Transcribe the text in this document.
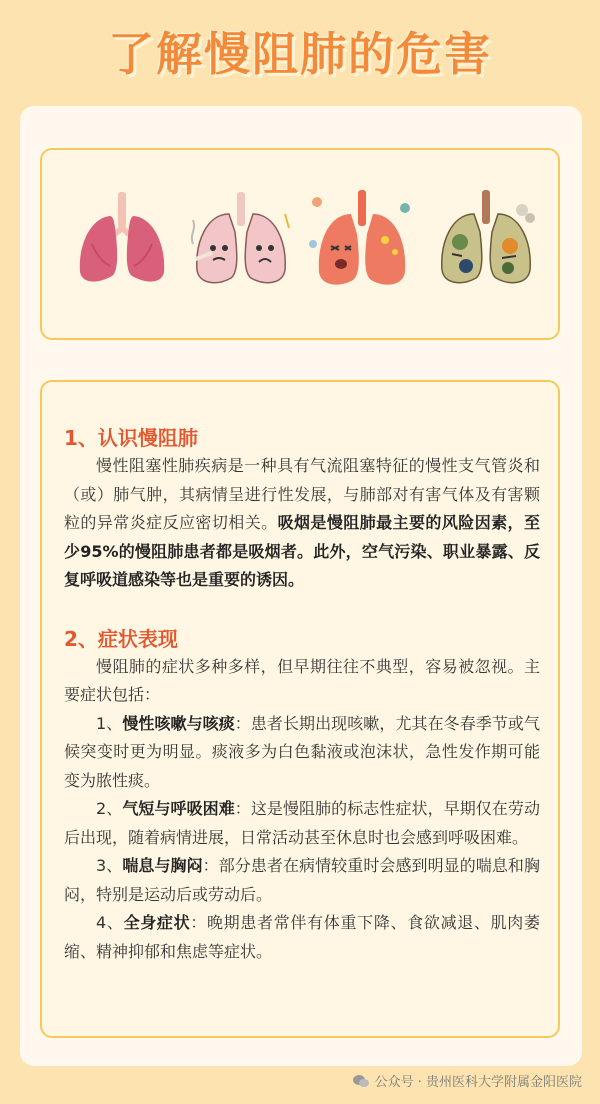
了解慢阻肺的危害

1、认识慢阻肺

慢性阻塞性肺疾病是一种具有气流阻塞特征的慢性支气管炎和（或）肺气肿，其病情呈进行性发展，与肺部对有害气体及有害颗粒的异常炎症反应密切相关。吸烟是慢阻肺最主要的风险因素，至少95%的慢阻肺患者都是吸烟者。此外，空气污染、职业暴露、反复呼吸道感染等也是重要的诱因。

2、症状表现

慢阻肺的症状多种多样，但早期往往不典型，容易被忽视。主要症状包括：

1、慢性咳嗽与咳痰：患者长期出现咳嗽，尤其在冬春季节或气候突变时更为明显。痰液多为白色黏液或泡沫状，急性发作期可能变为脓性痰。

2、气短与呼吸困难：这是慢阻肺的标志性症状，早期仅在劳动后出现，随着病情进展，日常活动甚至休息时也会感到呼吸困难。

3、喘息与胸闷：部分患者在病情较重时会感到明显的喘息和胸闷，特别是运动后或劳动后。

4、全身症状：晚期患者常伴有体重下降、食欲减退、肌肉萎缩、精神抑郁和焦虑等症状。

公众号 · 贵州医科大学附属金阳医院
